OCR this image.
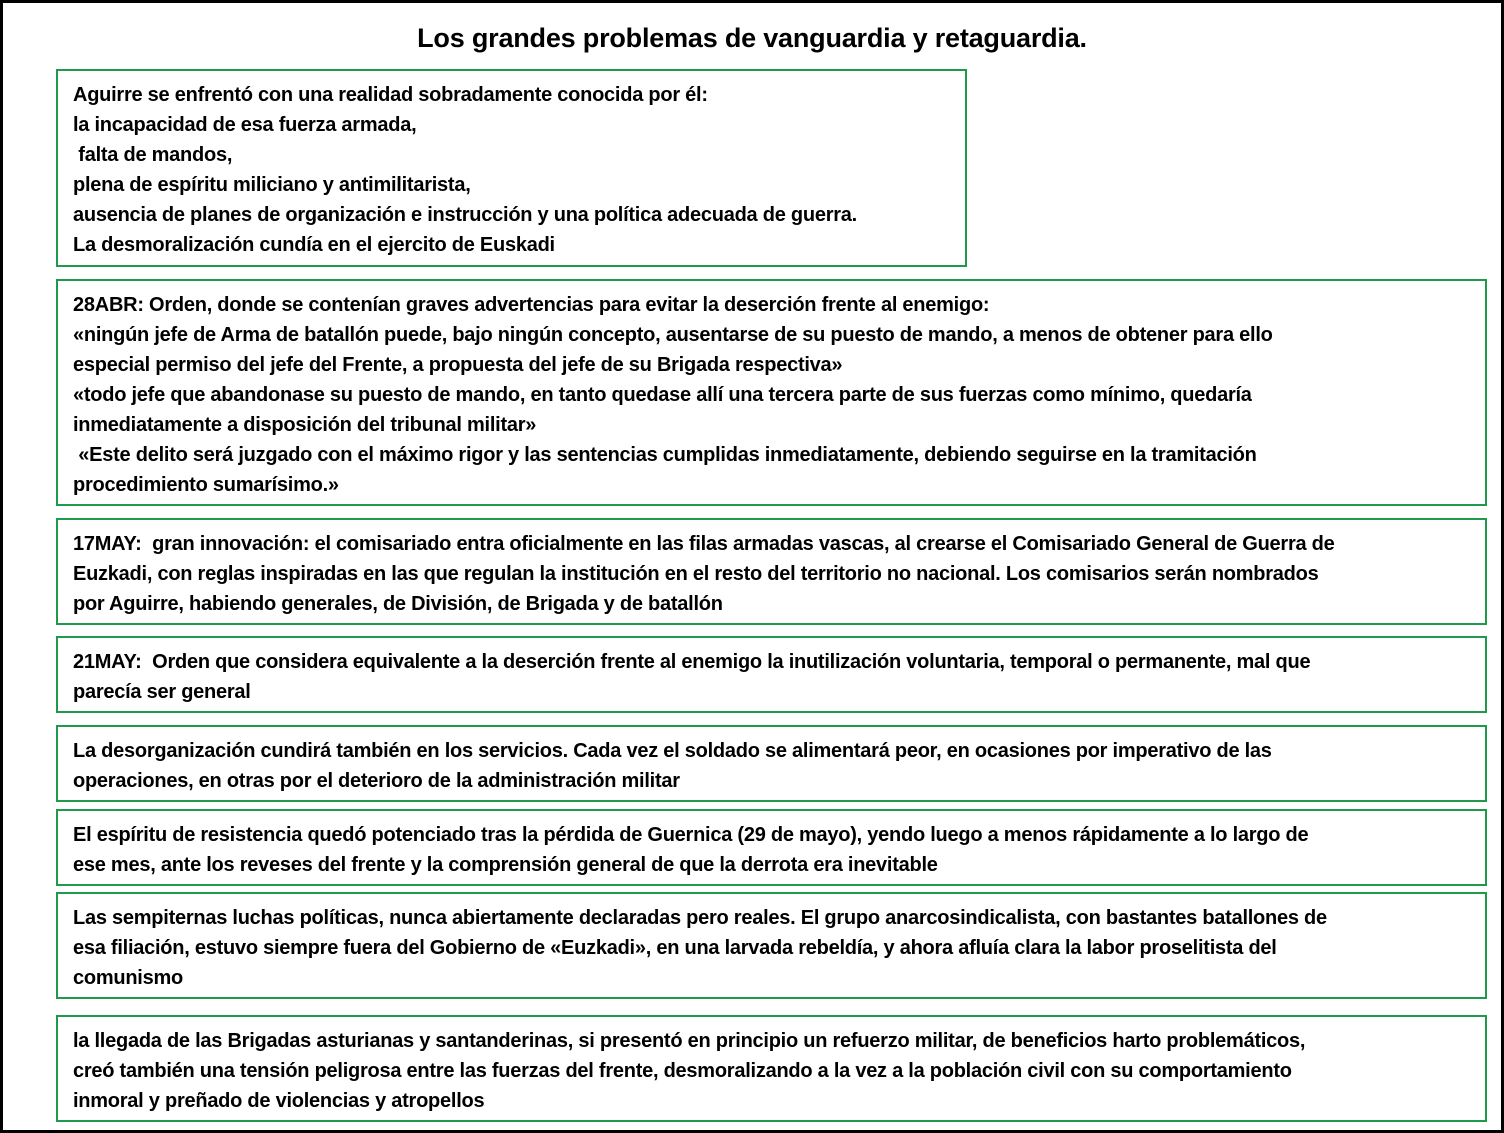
Los grandes problemas de vanguardia y retaguardia.
Aguirre se enfrentó con una realidad sobradamente conocida por él:
la incapacidad de esa fuerza armada,
falta de mandos,
plena de espíritu miliciano y antimilitarista,
ausencia de planes de organización e instrucción y una política adecuada de guerra.
La desmoralización cundía en el ejercito de Euskadi
28ABR: Orden, donde se contenían graves advertencias para evitar la deserción frente al enemigo:
«ningún jefe de Arma de batallón puede, bajo ningún concepto, ausentarse de su puesto de mando, a menos de obtener para ello
especial permiso del jefe del Frente, a propuesta del jefe de su Brigada respectiva»
«todo jefe que abandonase su puesto de mando, en tanto quedase allí una tercera parte de sus fuerzas como mínimo, quedaría
inmediatamente a disposición del tribunal militar»
«Este delito será juzgado con el máximo rigor y las sentencias cumplidas inmediatamente, debiendo seguirse en la tramitación
procedimiento sumarísimo.»
17MAY:  gran innovación: el comisariado entra oficialmente en las filas armadas vascas, al crearse el Comisariado General de Guerra de
Euzkadi, con reglas inspiradas en las que regulan la institución en el resto del territorio no nacional. Los comisarios serán nombrados
por Aguirre, habiendo generales, de División, de Brigada y de batallón
21MAY:  Orden que considera equivalente a la deserción frente al enemigo la inutilización voluntaria, temporal o permanente, mal que
parecía ser general
La desorganización cundirá también en los servicios. Cada vez el soldado se alimentará peor, en ocasiones por imperativo de las
operaciones, en otras por el deterioro de la administración militar
El espíritu de resistencia quedó potenciado tras la pérdida de Guernica (29 de mayo), yendo luego a menos rápidamente a lo largo de
ese mes, ante los reveses del frente y la comprensión general de que la derrota era inevitable
Las sempiternas luchas políticas, nunca abiertamente declaradas pero reales. El grupo anarcosindicalista, con bastantes batallones de
esa filiación, estuvo siempre fuera del Gobierno de «Euzkadi», en una larvada rebeldía, y ahora afluía clara la labor proselitista del
comunismo
la llegada de las Brigadas asturianas y santanderinas, si presentó en principio un refuerzo militar, de beneficios harto problemáticos,
creó también una tensión peligrosa entre las fuerzas del frente, desmoralizando a la vez a la población civil con su comportamiento
inmoral y preñado de violencias y atropellos
